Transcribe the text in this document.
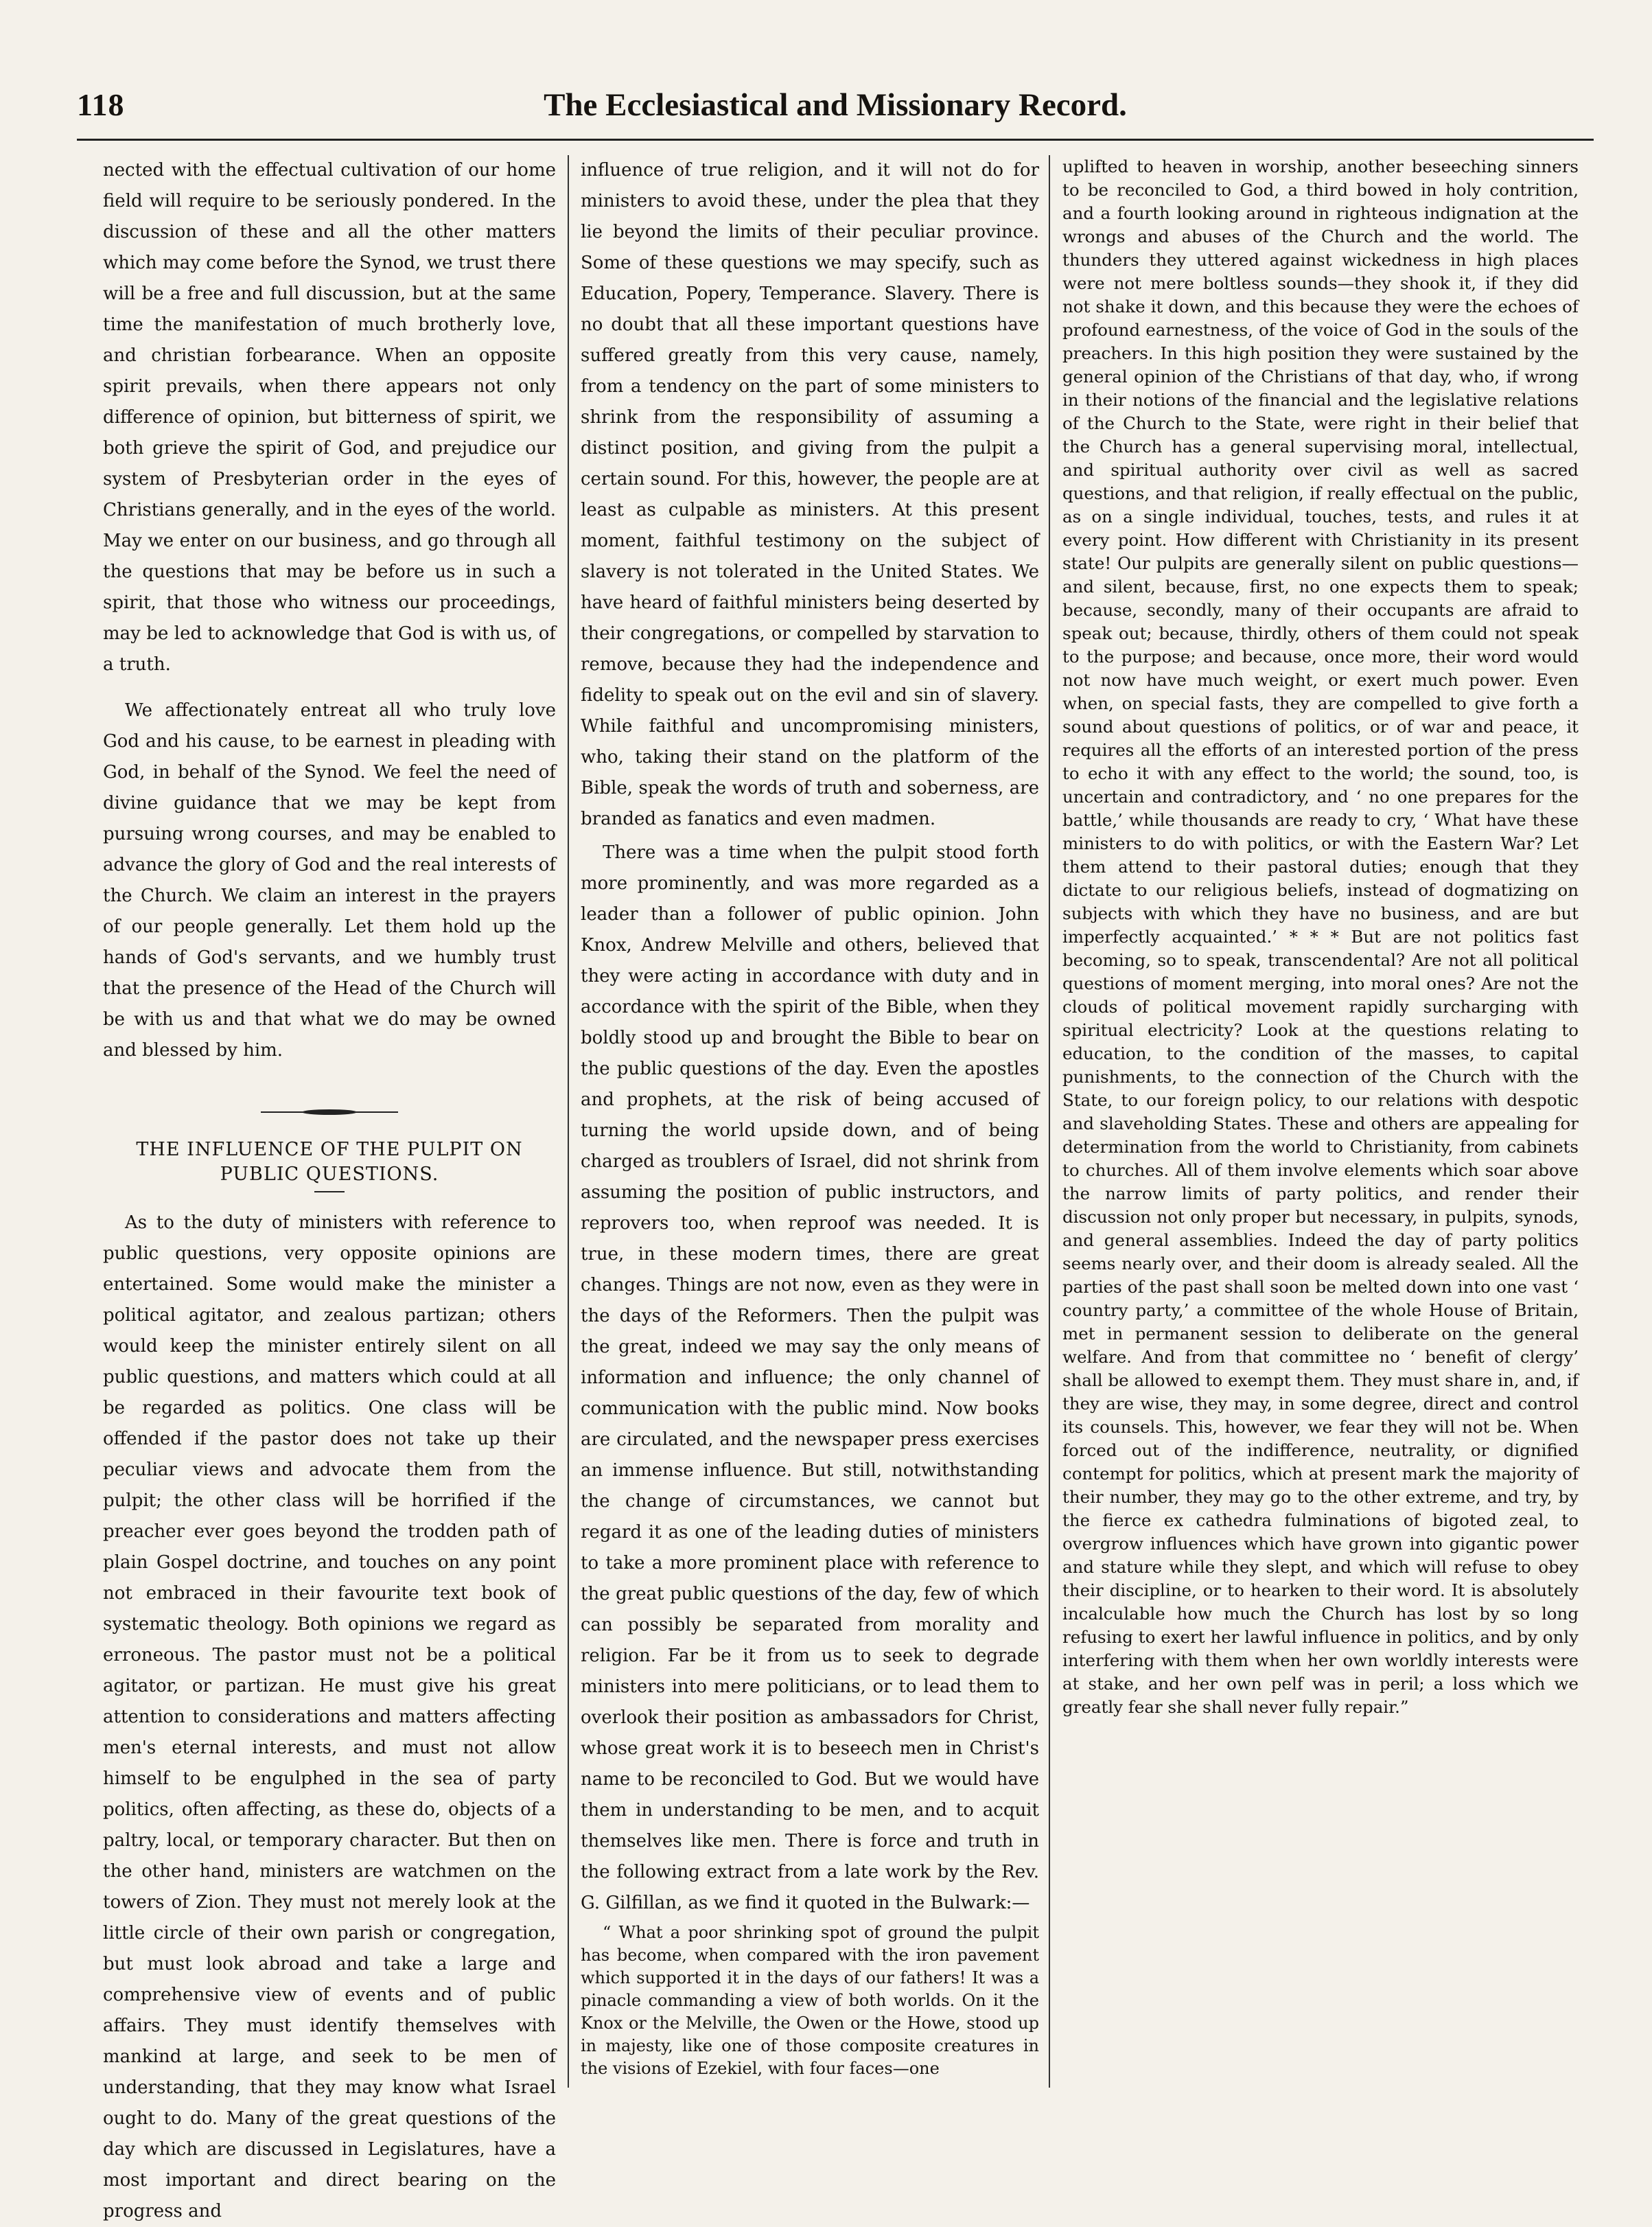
118	The Ecclesiastical and Missionary Record.

nected with the effectual cultivation of our home field will require to be seriously pondered. In the discussion of these and all the other matters which may come before the Synod, we trust there will be a free and full discussion, but at the same time the manifestation of much brotherly love, and christian forbearance. When an opposite spirit prevails, when there appears not only difference of opinion, but bitterness of spirit, we both grieve the spirit of God, and prejudice our system of Presbyterian order in the eyes of Christians generally, and in the eyes of the world. May we enter on our business, and go through all the questions that may be before us in such a spirit, that those who witness our proceedings, may be led to acknowledge that God is with us, of a truth.

We affectionately entreat all who truly love God and his cause, to be earnest in pleading with God, in behalf of the Synod. We feel the need of divine guidance that we may be kept from pursuing wrong courses, and may be enabled to advance the glory of God and the real interests of the Church. We claim an interest in the prayers of our people generally. Let them hold up the hands of God's servants, and we humbly trust that the presence of the Head of the Church will be with us and that what we do may be owned and blessed by him.

THE INFLUENCE OF THE PULPIT ON PUBLIC QUESTIONS.

As to the duty of ministers with reference to public questions, very opposite opinions are entertained. Some would make the minister a political agitator, and zealous partizan; others would keep the minister entirely silent on all public questions, and matters which could at all be regarded as politics. One class will be offended if the pastor does not take up their peculiar views and advocate them from the pulpit; the other class will be horrified if the preacher ever goes beyond the trodden path of plain Gospel doctrine, and touches on any point not embraced in their favourite text book of systematic theology. Both opinions we regard as erroneous. The pastor must not be a political agitator, or partizan. He must give his great attention to considerations and matters affecting men's eternal interests, and must not allow himself to be engulphed in the sea of party politics, often affecting, as these do, objects of a paltry, local, or temporary character. But then on the other hand, ministers are watchmen on the towers of Zion. They must not merely look at the little circle of their own parish or congregation, but must look abroad and take a large and comprehensive view of events and of public affairs. They must identify themselves with mankind at large, and seek to be men of understanding, that they may know what Israel ought to do. Many of the great questions of the day which are discussed in Legislatures, have a most important and direct bearing on the progress and

influence of true religion, and it will not do for ministers to avoid these, under the plea that they lie beyond the limits of their peculiar province. Some of these questions we may specify, such as Education, Popery, Temperance. Slavery. There is no doubt that all these important questions have suffered greatly from this very cause, namely, from a tendency on the part of some ministers to shrink from the responsibility of assuming a distinct position, and giving from the pulpit a certain sound. For this, however, the people are at least as culpable as ministers. At this present moment, faithful testimony on the subject of slavery is not tolerated in the United States. We have heard of faithful ministers being deserted by their congregations, or compelled by starvation to remove, because they had the independence and fidelity to speak out on the evil and sin of slavery. While faithful and uncompromising ministers, who, taking their stand on the platform of the Bible, speak the words of truth and soberness, are branded as fanatics and even madmen.

There was a time when the pulpit stood forth more prominently, and was more regarded as a leader than a follower of public opinion. John Knox, Andrew Melville and others, believed that they were acting in accordance with duty and in accordance with the spirit of the Bible, when they boldly stood up and brought the Bible to bear on the public questions of the day. Even the apostles and prophets, at the risk of being accused of turning the world upside down, and of being charged as troublers of Israel, did not shrink from assuming the position of public instructors, and reprovers too, when reproof was needed. It is true, in these modern times, there are great changes. Things are not now, even as they were in the days of the Reformers. Then the pulpit was the great, indeed we may say the only means of information and influence; the only channel of communication with the public mind. Now books are circulated, and the newspaper press exercises an immense influence. But still, notwithstanding the change of circumstances, we cannot but regard it as one of the leading duties of ministers to take a more prominent place with reference to the great public questions of the day, few of which can possibly be separated from morality and religion. Far be it from us to seek to degrade ministers into mere politicians, or to lead them to overlook their position as ambassadors for Christ, whose great work it is to beseech men in Christ's name to be reconciled to God. But we would have them in understanding to be men, and to acquit themselves like men. There is force and truth in the following extract from a late work by the Rev. G. Gilfillan, as we find it quoted in the Bulwark:—

“ What a poor shrinking spot of ground the pulpit has become, when compared with the iron pavement which supported it in the days of our fathers! It was a pinacle commanding a view of both worlds. On it the Knox or the Melville, the Owen or the Howe, stood up in majesty, like one of those composite creatures in the visions of Ezekiel, with four faces—one

uplifted to heaven in worship, another beseeching sinners to be reconciled to God, a third bowed in holy contrition, and a fourth looking around in righteous indignation at the wrongs and abuses of the Church and the world. The thunders they uttered against wickedness in high places were not mere boltless sounds—they shook it, if they did not shake it down, and this because they were the echoes of profound earnestness, of the voice of God in the souls of the preachers. In this high position they were sustained by the general opinion of the Christians of that day, who, if wrong in their notions of the financial and the legislative relations of the Church to the State, were right in their belief that the Church has a general supervising moral, intellectual, and spiritual authority over civil as well as sacred questions, and that religion, if really effectual on the public, as on a single individual, touches, tests, and rules it at every point. How different with Christianity in its present state! Our pulpits are generally silent on public questions—and silent, because, first, no one expects them to speak; because, secondly, many of their occupants are afraid to speak out; because, thirdly, others of them could not speak to the purpose; and because, once more, their word would not now have much weight, or exert much power. Even when, on special fasts, they are compelled to give forth a sound about questions of politics, or of war and peace, it requires all the efforts of an interested portion of the press to echo it with any effect to the world; the sound, too, is uncertain and contradictory, and ‘ no one prepares for the battle,’ while thousands are ready to cry, ‘ What have these ministers to do with politics, or with the Eastern War? Let them attend to their pastoral duties; enough that they dictate to our religious beliefs, instead of dogmatizing on subjects with which they have no business, and are but imperfectly acquainted.’ * * * But are not politics fast becoming, so to speak, transcendental? Are not all political questions of moment merging, into moral ones? Are not the clouds of political movement rapidly surcharging with spiritual electricity? Look at the questions relating to education, to the condition of the masses, to capital punishments, to the connection of the Church with the State, to our foreign policy, to our relations with despotic and slaveholding States. These and others are appealing for determination from the world to Christianity, from cabinets to churches. All of them involve elements which soar above the narrow limits of party politics, and render their discussion not only proper but necessary, in pulpits, synods, and general assemblies. Indeed the day of party politics seems nearly over, and their doom is already sealed. All the parties of the past shall soon be melted down into one vast ‘ country party,’ a committee of the whole House of Britain, met in permanent session to deliberate on the general welfare. And from that committee no ‘ benefit of clergy’ shall be allowed to exempt them. They must share in, and, if they are wise, they may, in some degree, direct and control its counsels. This, however, we fear they will not be. When forced out of the indifference, neutrality, or dignified contempt for politics, which at present mark the majority of their number, they may go to the other extreme, and try, by the fierce ex cathedra fulminations of bigoted zeal, to overgrow influences which have grown into gigantic power and stature while they slept, and which will refuse to obey their discipline, or to hearken to their word. It is absolutely incalculable how much the Church has lost by so long refusing to exert her lawful influence in politics, and by only interfering with them when her own worldly interests were at stake, and her own pelf was in peril; a loss which we greatly fear she shall never fully repair.”
